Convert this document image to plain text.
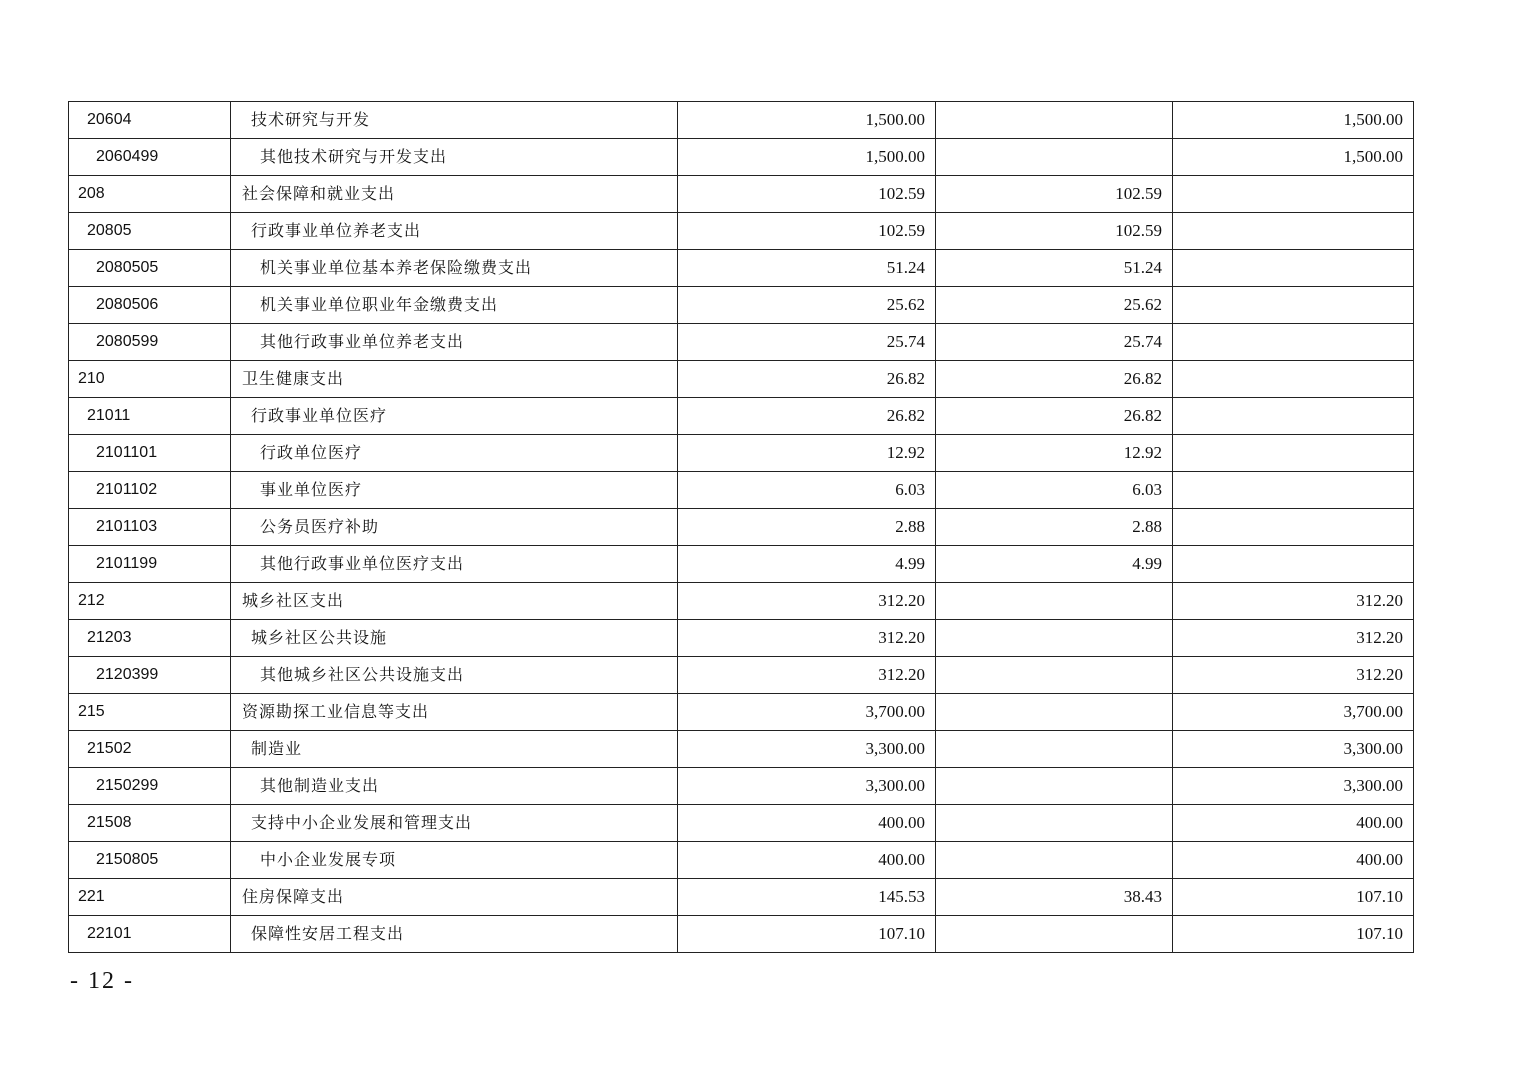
20604	技术研究与开发	1,500.00		1,500.00
2060499	其他技术研究与开发支出	1,500.00		1,500.00
208	社会保障和就业支出	102.59	102.59	
20805	行政事业单位养老支出	102.59	102.59	
2080505	机关事业单位基本养老保险缴费支出	51.24	51.24	
2080506	机关事业单位职业年金缴费支出	25.62	25.62	
2080599	其他行政事业单位养老支出	25.74	25.74	
210	卫生健康支出	26.82	26.82	
21011	行政事业单位医疗	26.82	26.82	
2101101	行政单位医疗	12.92	12.92	
2101102	事业单位医疗	6.03	6.03	
2101103	公务员医疗补助	2.88	2.88	
2101199	其他行政事业单位医疗支出	4.99	4.99	
212	城乡社区支出	312.20		312.20
21203	城乡社区公共设施	312.20		312.20
2120399	其他城乡社区公共设施支出	312.20		312.20
215	资源勘探工业信息等支出	3,700.00		3,700.00
21502	制造业	3,300.00		3,300.00
2150299	其他制造业支出	3,300.00		3,300.00
21508	支持中小企业发展和管理支出	400.00		400.00
2150805	中小企业发展专项	400.00		400.00
221	住房保障支出	145.53	38.43	107.10
22101	保障性安居工程支出	107.10		107.10
- 12 -
